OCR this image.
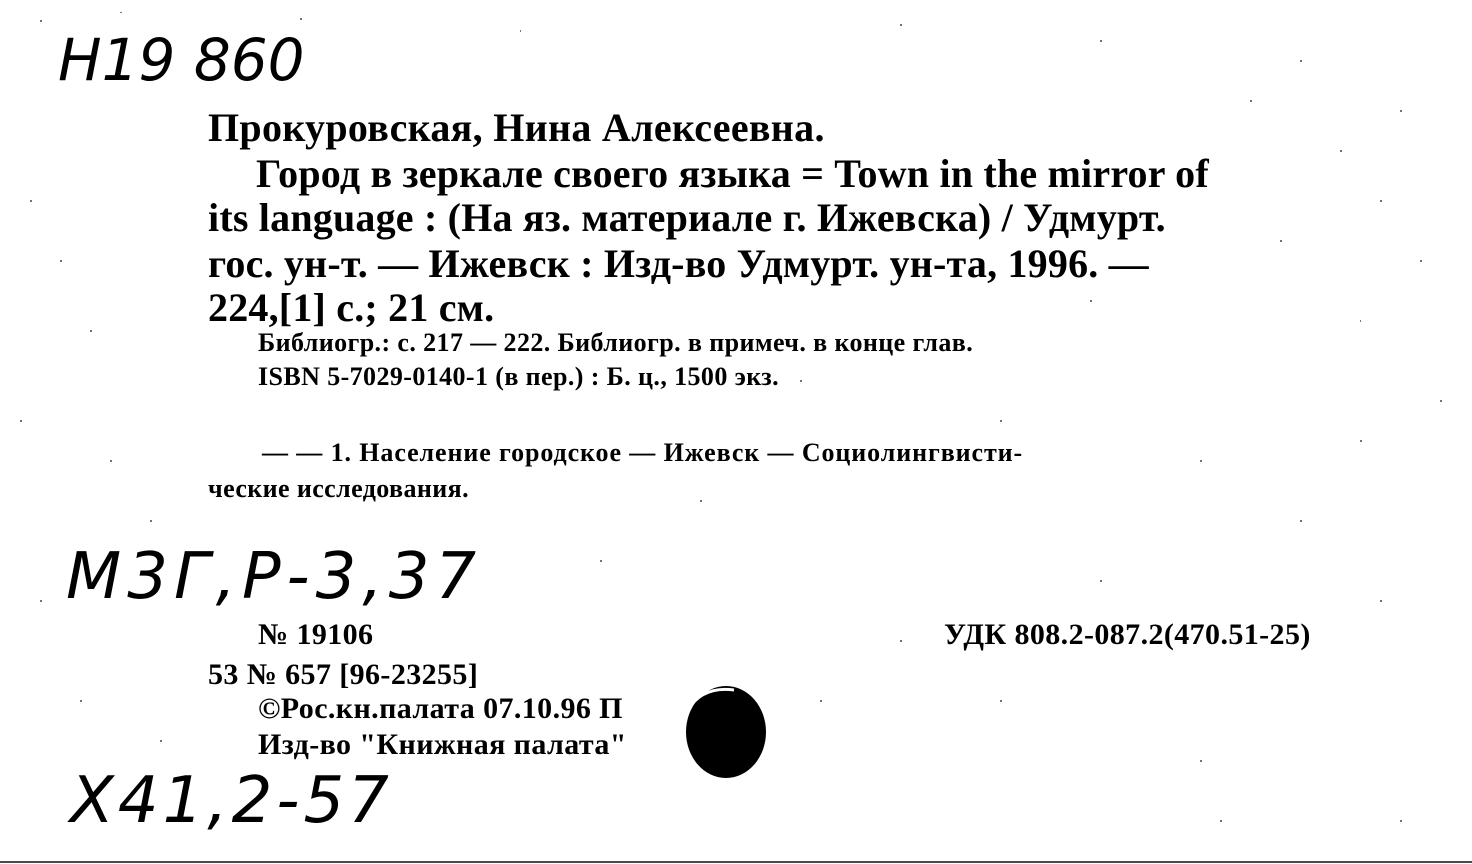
Н19 860
Прокуровская, Нина Алексеевна.
Город в зеркале своего языка = Town in the mirror of
its language : (На яз. материале г. Ижевска) / Удмурт.
гос. ун-т. — Ижевск : Изд-во Удмурт. ун-та, 1996. —
224,[1] с.; 21 см.
Библиогр.: с. 217 — 222. Библиогр. в примеч. в конце глав.
ISBN 5-7029-0140-1 (в пер.) : Б. ц., 1500 экз.
— — 1. Население городское — Ижевск — Социолингвисти-
ческие исследования.
М3Г,Р-3,37
№ 19106	УДК 808.2-087.2(470.51-25)
53 № 657 [96-23255]
©Рос.кн.палата 07.10.96 П
Изд-во "Книжная палата"
Х41,2-57
